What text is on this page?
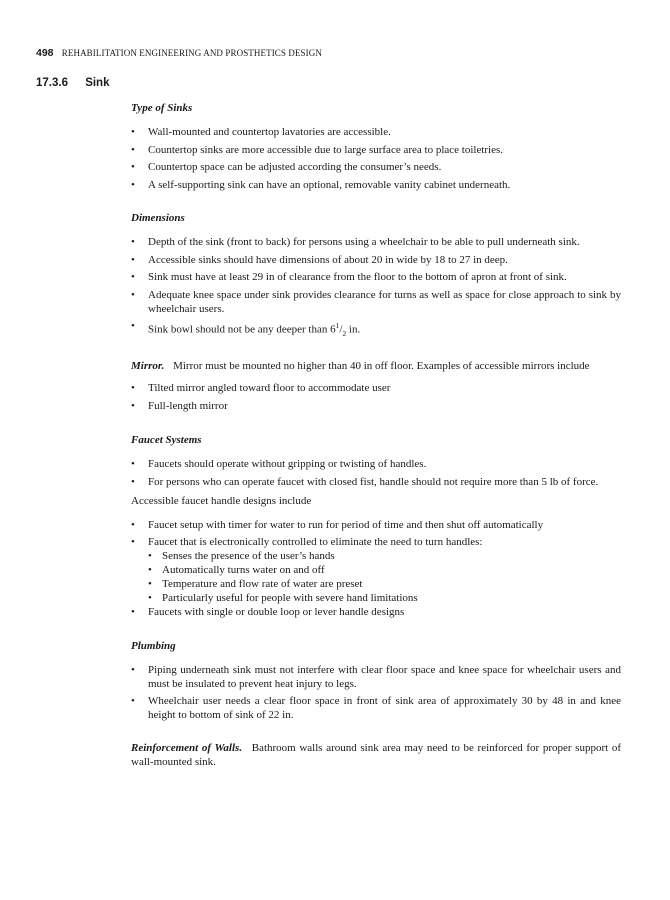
498 REHABILITATION ENGINEERING AND PROSTHETICS DESIGN
17.3.6 Sink

Type of Sinks

• Wall-mounted and countertop lavatories are accessible.
• Countertop sinks are more accessible due to large surface area to place toiletries.
• Countertop space can be adjusted according the consumer’s needs.
• A self-supporting sink can have an optional, removable vanity cabinet underneath.

Dimensions

• Depth of the sink (front to back) for persons using a wheelchair to be able to pull underneath sink.
• Accessible sinks should have dimensions of about 20 in wide by 18 to 27 in deep.
• Sink must have at least 29 in of clearance from the floor to the bottom of apron at front of sink.
• Adequate knee space under sink provides clearance for turns as well as space for close approach to sink by wheelchair users.
• Sink bowl should not be any deeper than $6^1/_2$ in.

Mirror. Mirror must be mounted no higher than 40 in off floor. Examples of accessible mirrors include

• Tilted mirror angled toward floor to accommodate user
• Full-length mirror

Faucet Systems

• Faucets should operate without gripping or twisting of handles.
• For persons who can operate faucet with closed fist, handle should not require more than 5 lb of force.

Accessible faucet handle designs include

• Faucet setup with timer for water to run for period of time and then shut off automatically
• Faucet that is electronically controlled to eliminate the need to turn handles:
• Senses the presence of the user’s hands
• Automatically turns water on and off
• Temperature and flow rate of water are preset
• Particularly useful for people with severe hand limitations
• Faucets with single or double loop or lever handle designs

Plumbing

• Piping underneath sink must not interfere with clear floor space and knee space for wheelchair users and must be insulated to prevent heat injury to legs.
• Wheelchair user needs a clear floor space in front of sink area of approximately 30 by 48 in and knee height to bottom of sink of 22 in.

Reinforcement of Walls. Bathroom walls around sink area may need to be reinforced for proper support of wall-mounted sink.
